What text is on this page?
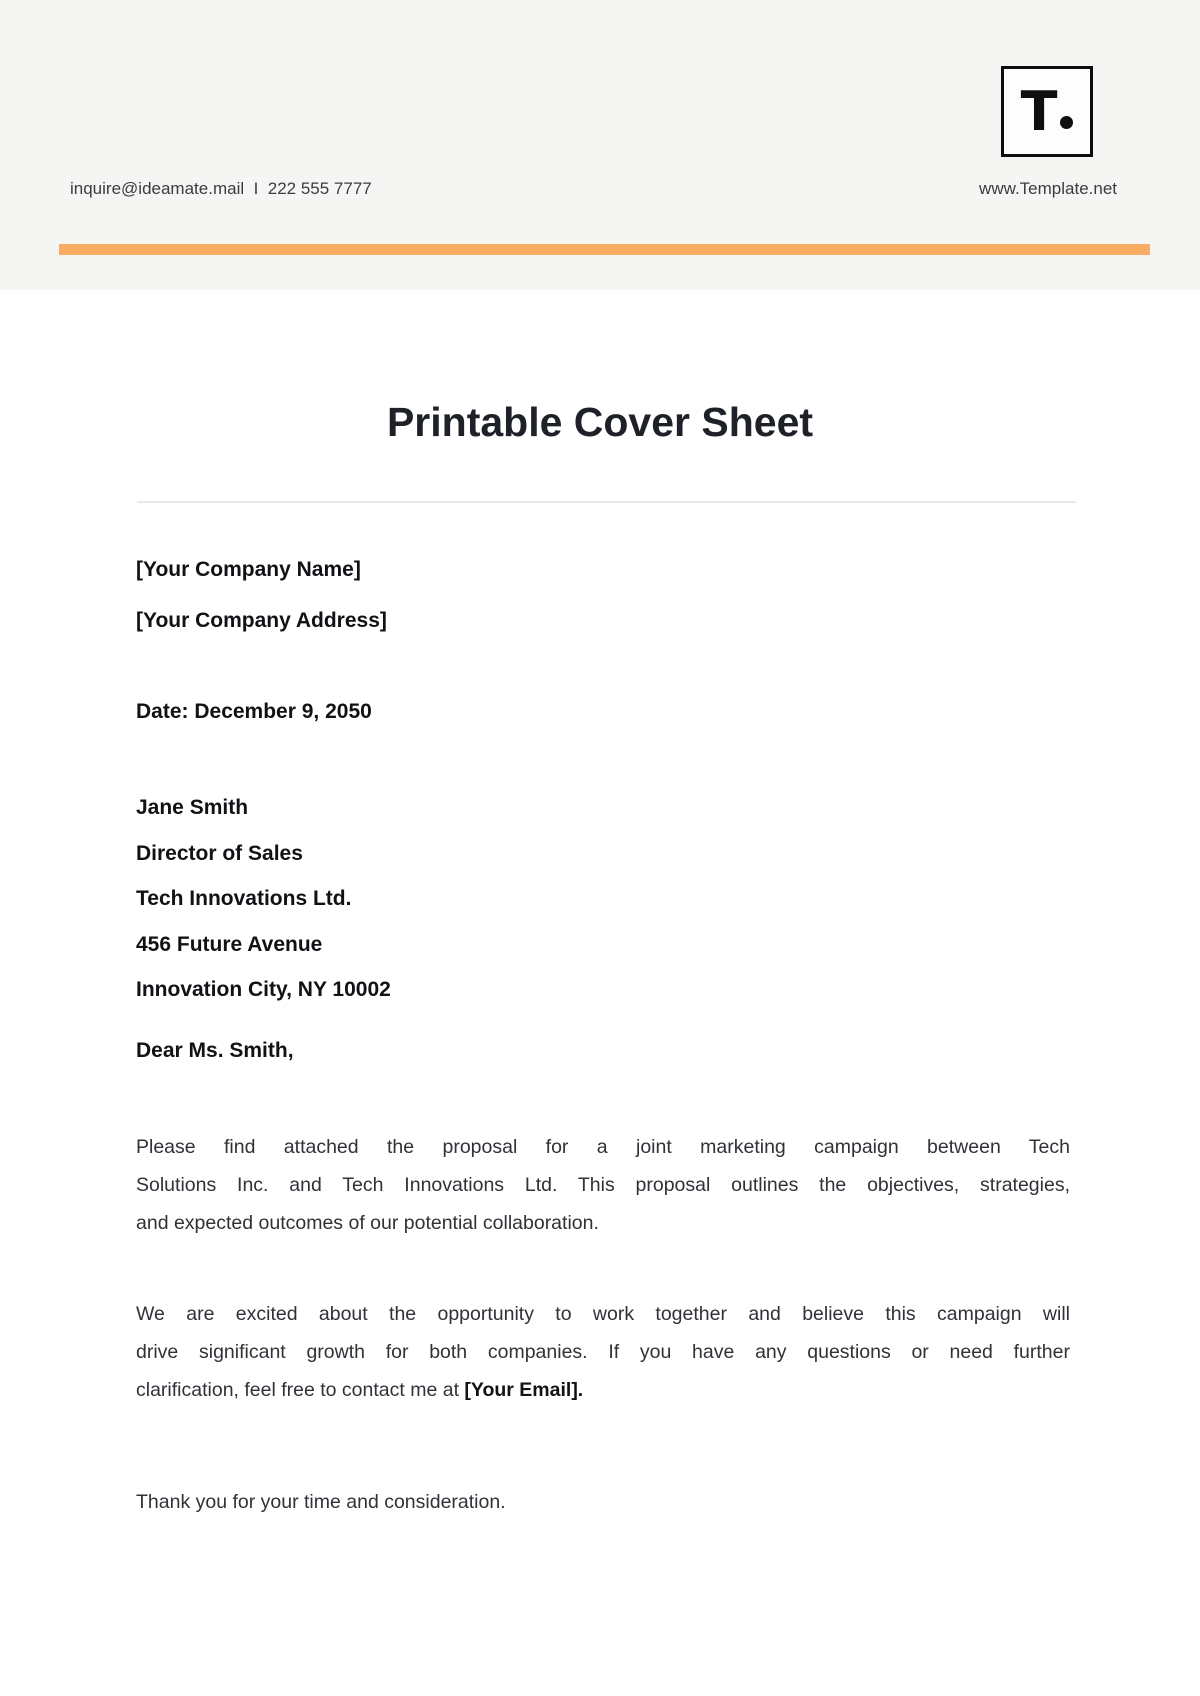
T
inquire@ideamate.mail  I  222 555 7777	www.Template.net
Printable Cover Sheet

[Your Company Name]

[Your Company Address]

Date: December 9, 2050

Jane Smith
Director of Sales
Tech Innovations Ltd.
456 Future Avenue
Innovation City, NY 10002

Dear Ms. Smith,

Please find attached the proposal for a joint marketing campaign between Tech
Solutions Inc. and Tech Innovations Ltd. This proposal outlines the objectives, strategies,
and expected outcomes of our potential collaboration.
We are excited about the opportunity to work together and believe this campaign will
drive significant growth for both companies. If you have any questions or need further
clarification, feel free to contact me at [Your Email].

Thank you for your time and consideration.
